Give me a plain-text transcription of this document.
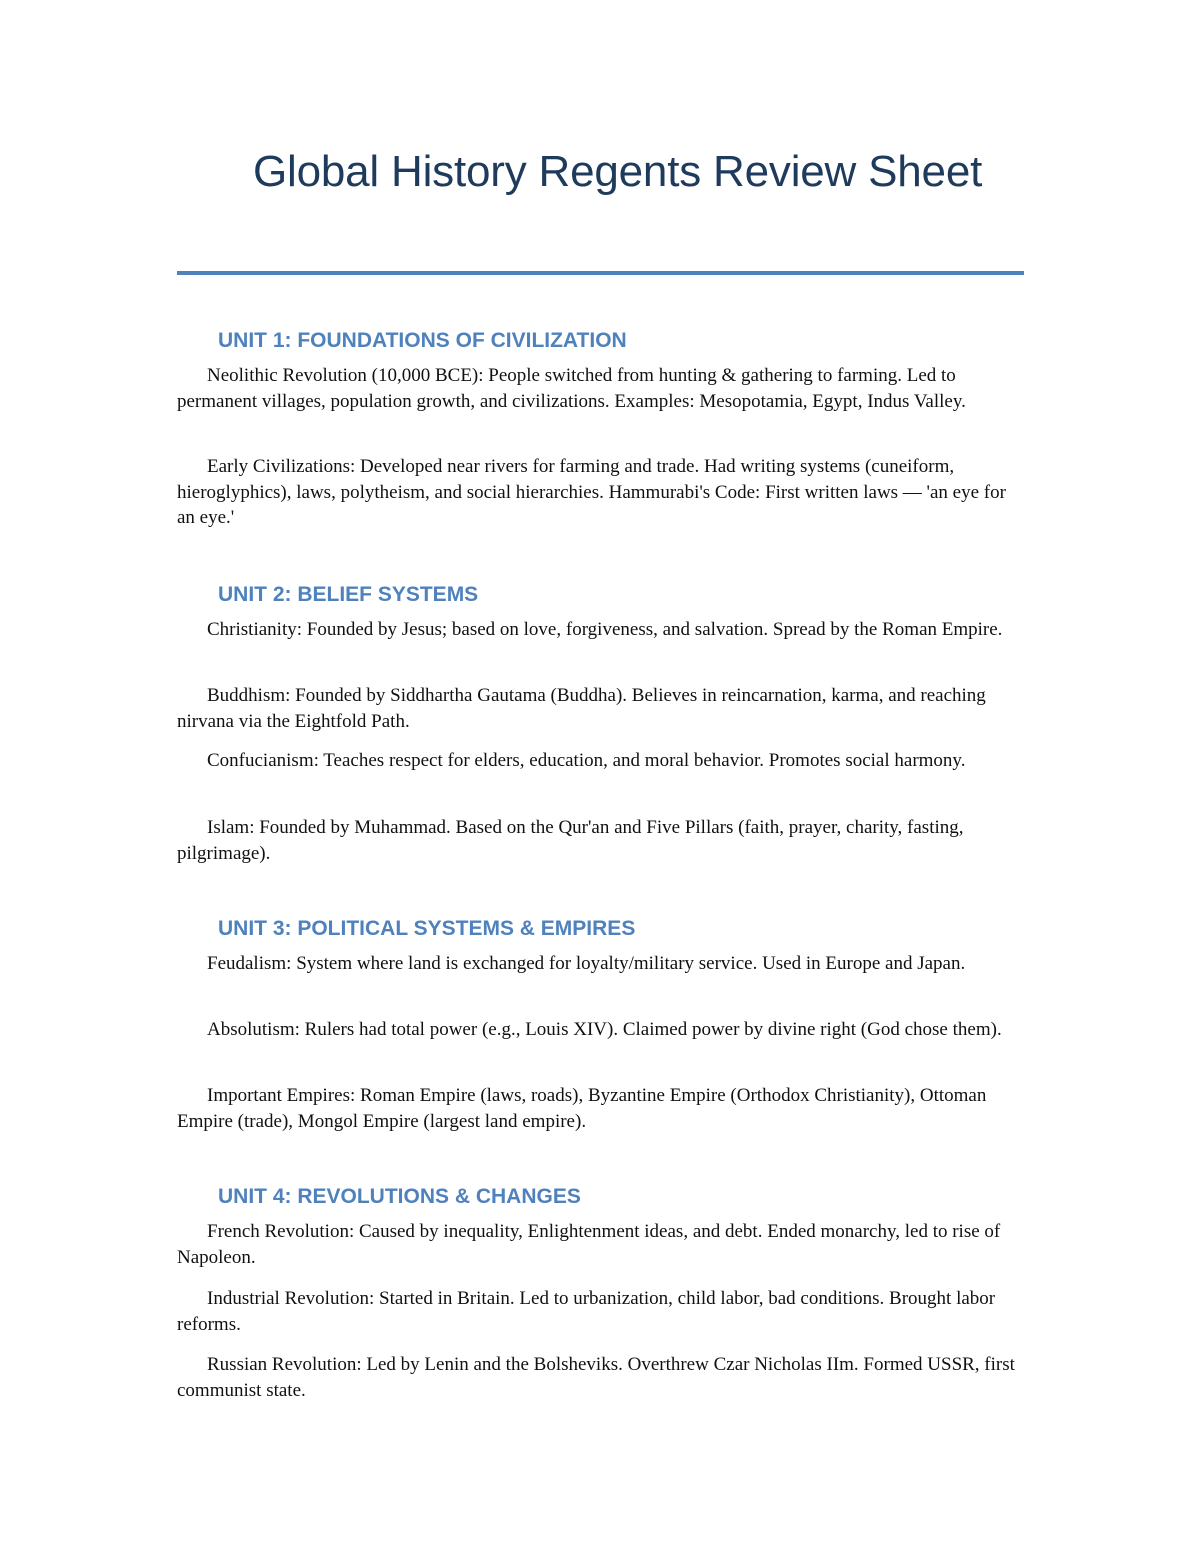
Global History Regents Review Sheet
UNIT 1: FOUNDATIONS OF CIVILIZATION

Neolithic Revolution (10,000 BCE): People switched from hunting & gathering to farming. Led to permanent villages, population growth, and civilizations. Examples: Mesopotamia, Egypt, Indus Valley.

Early Civilizations: Developed near rivers for farming and trade. Had writing systems (cuneiform, hieroglyphics), laws, polytheism, and social hierarchies. Hammurabi's Code: First written laws — 'an eye for an eye.'

UNIT 2: BELIEF SYSTEMS

Christianity: Founded by Jesus; based on love, forgiveness, and salvation. Spread by the Roman Empire.

Buddhism: Founded by Siddhartha Gautama (Buddha). Believes in reincarnation, karma, and reaching nirvana via the Eightfold Path.

Confucianism: Teaches respect for elders, education, and moral behavior. Promotes social harmony.

Islam: Founded by Muhammad. Based on the Qur'an and Five Pillars (faith, prayer, charity, fasting, pilgrimage).

UNIT 3: POLITICAL SYSTEMS & EMPIRES

Feudalism: System where land is exchanged for loyalty/military service. Used in Europe and Japan.

Absolutism: Rulers had total power (e.g., Louis XIV). Claimed power by divine right (God chose them).

Important Empires: Roman Empire (laws, roads), Byzantine Empire (Orthodox Christianity), Ottoman Empire (trade), Mongol Empire (largest land empire).

UNIT 4: REVOLUTIONS & CHANGES

French Revolution: Caused by inequality, Enlightenment ideas, and debt. Ended monarchy, led to rise of Napoleon.

Industrial Revolution: Started in Britain. Led to urbanization, child labor, bad conditions. Brought labor reforms.

Russian Revolution: Led by Lenin and the Bolsheviks. Overthrew Czar Nicholas IIm. Formed USSR, first communist state.
